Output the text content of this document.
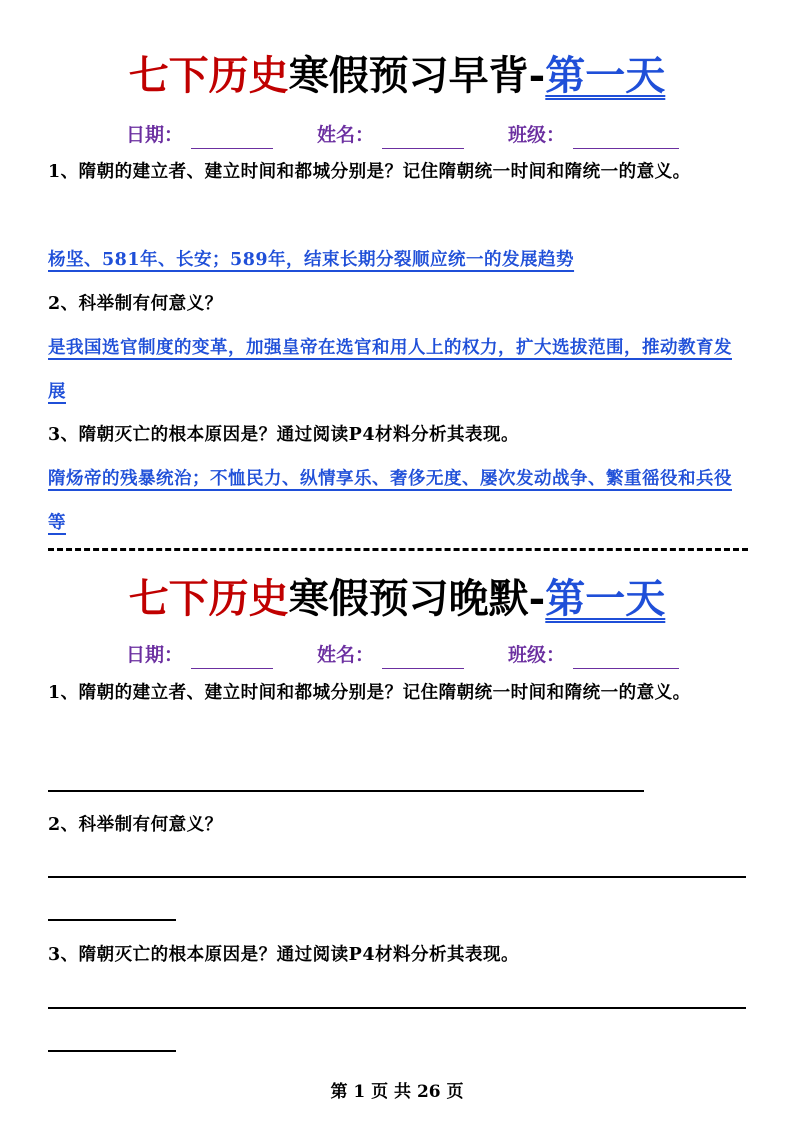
七下历史寒假预习早背-第一天
日期：	姓名：	班级：
1、隋朝的建立者、建立时间和都城分别是？记住隋朝统一时间和隋统一的意义。
杨坚、581年、长安；589年，结束长期分裂顺应统一的发展趋势
2、科举制有何意义？
是我国选官制度的变革，加强皇帝在选官和用人上的权力，扩大选拔范围，推动教育发展
3、隋朝灭亡的根本原因是？通过阅读P4材料分析其表现。
隋炀帝的残暴统治；不恤民力、纵情享乐、奢侈无度、屡次发动战争、繁重徭役和兵役等
七下历史寒假预习晚默-第一天
日期：	姓名：	班级：
1、隋朝的建立者、建立时间和都城分别是？记住隋朝统一时间和隋统一的意义。
2、科举制有何意义？
3、隋朝灭亡的根本原因是？通过阅读P4材料分析其表现。
第 1 页 共 26 页
